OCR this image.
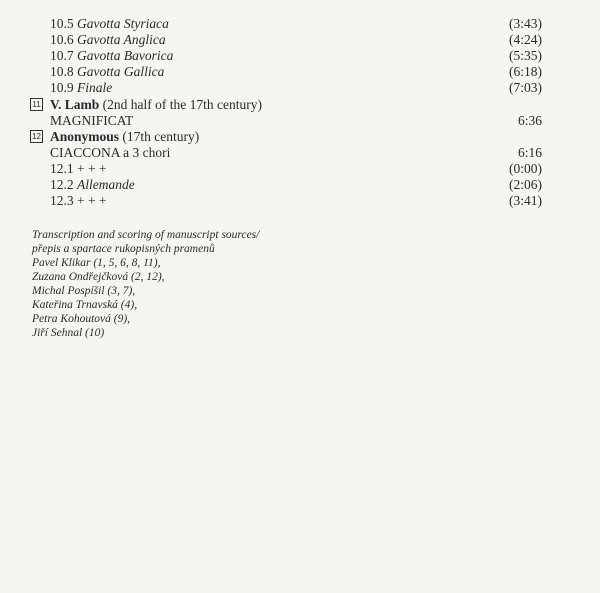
10.5 Gavotta Styriaca	(3:43)
10.6 Gavotta Anglica	(4:24)
10.7 Gavotta Bavorica	(5:35)
10.8 Gavotta Gallica	(6:18)
10.9 Finale	(7:03)
11 V. Lamb (2nd half of the 17th century)
MAGNIFICAT	6:36
12 Anonymous (17th century)
CIACCONA a 3 chori	6:16
12.1 + + +	(0:00)
12.2 Allemande	(2:06)
12.3 + + +	(3:41)
Transcription and scoring of manuscript sources/
přepis a spartace rukopisných pramenů
Pavel Klikar (1, 5, 6, 8, 11),
Zuzana Ondřejčková (2, 12),
Michal Pospíšil (3, 7),
Kateřina Trnavská (4),
Petra Kohoutová (9),
Jiří Sehnal (10)
